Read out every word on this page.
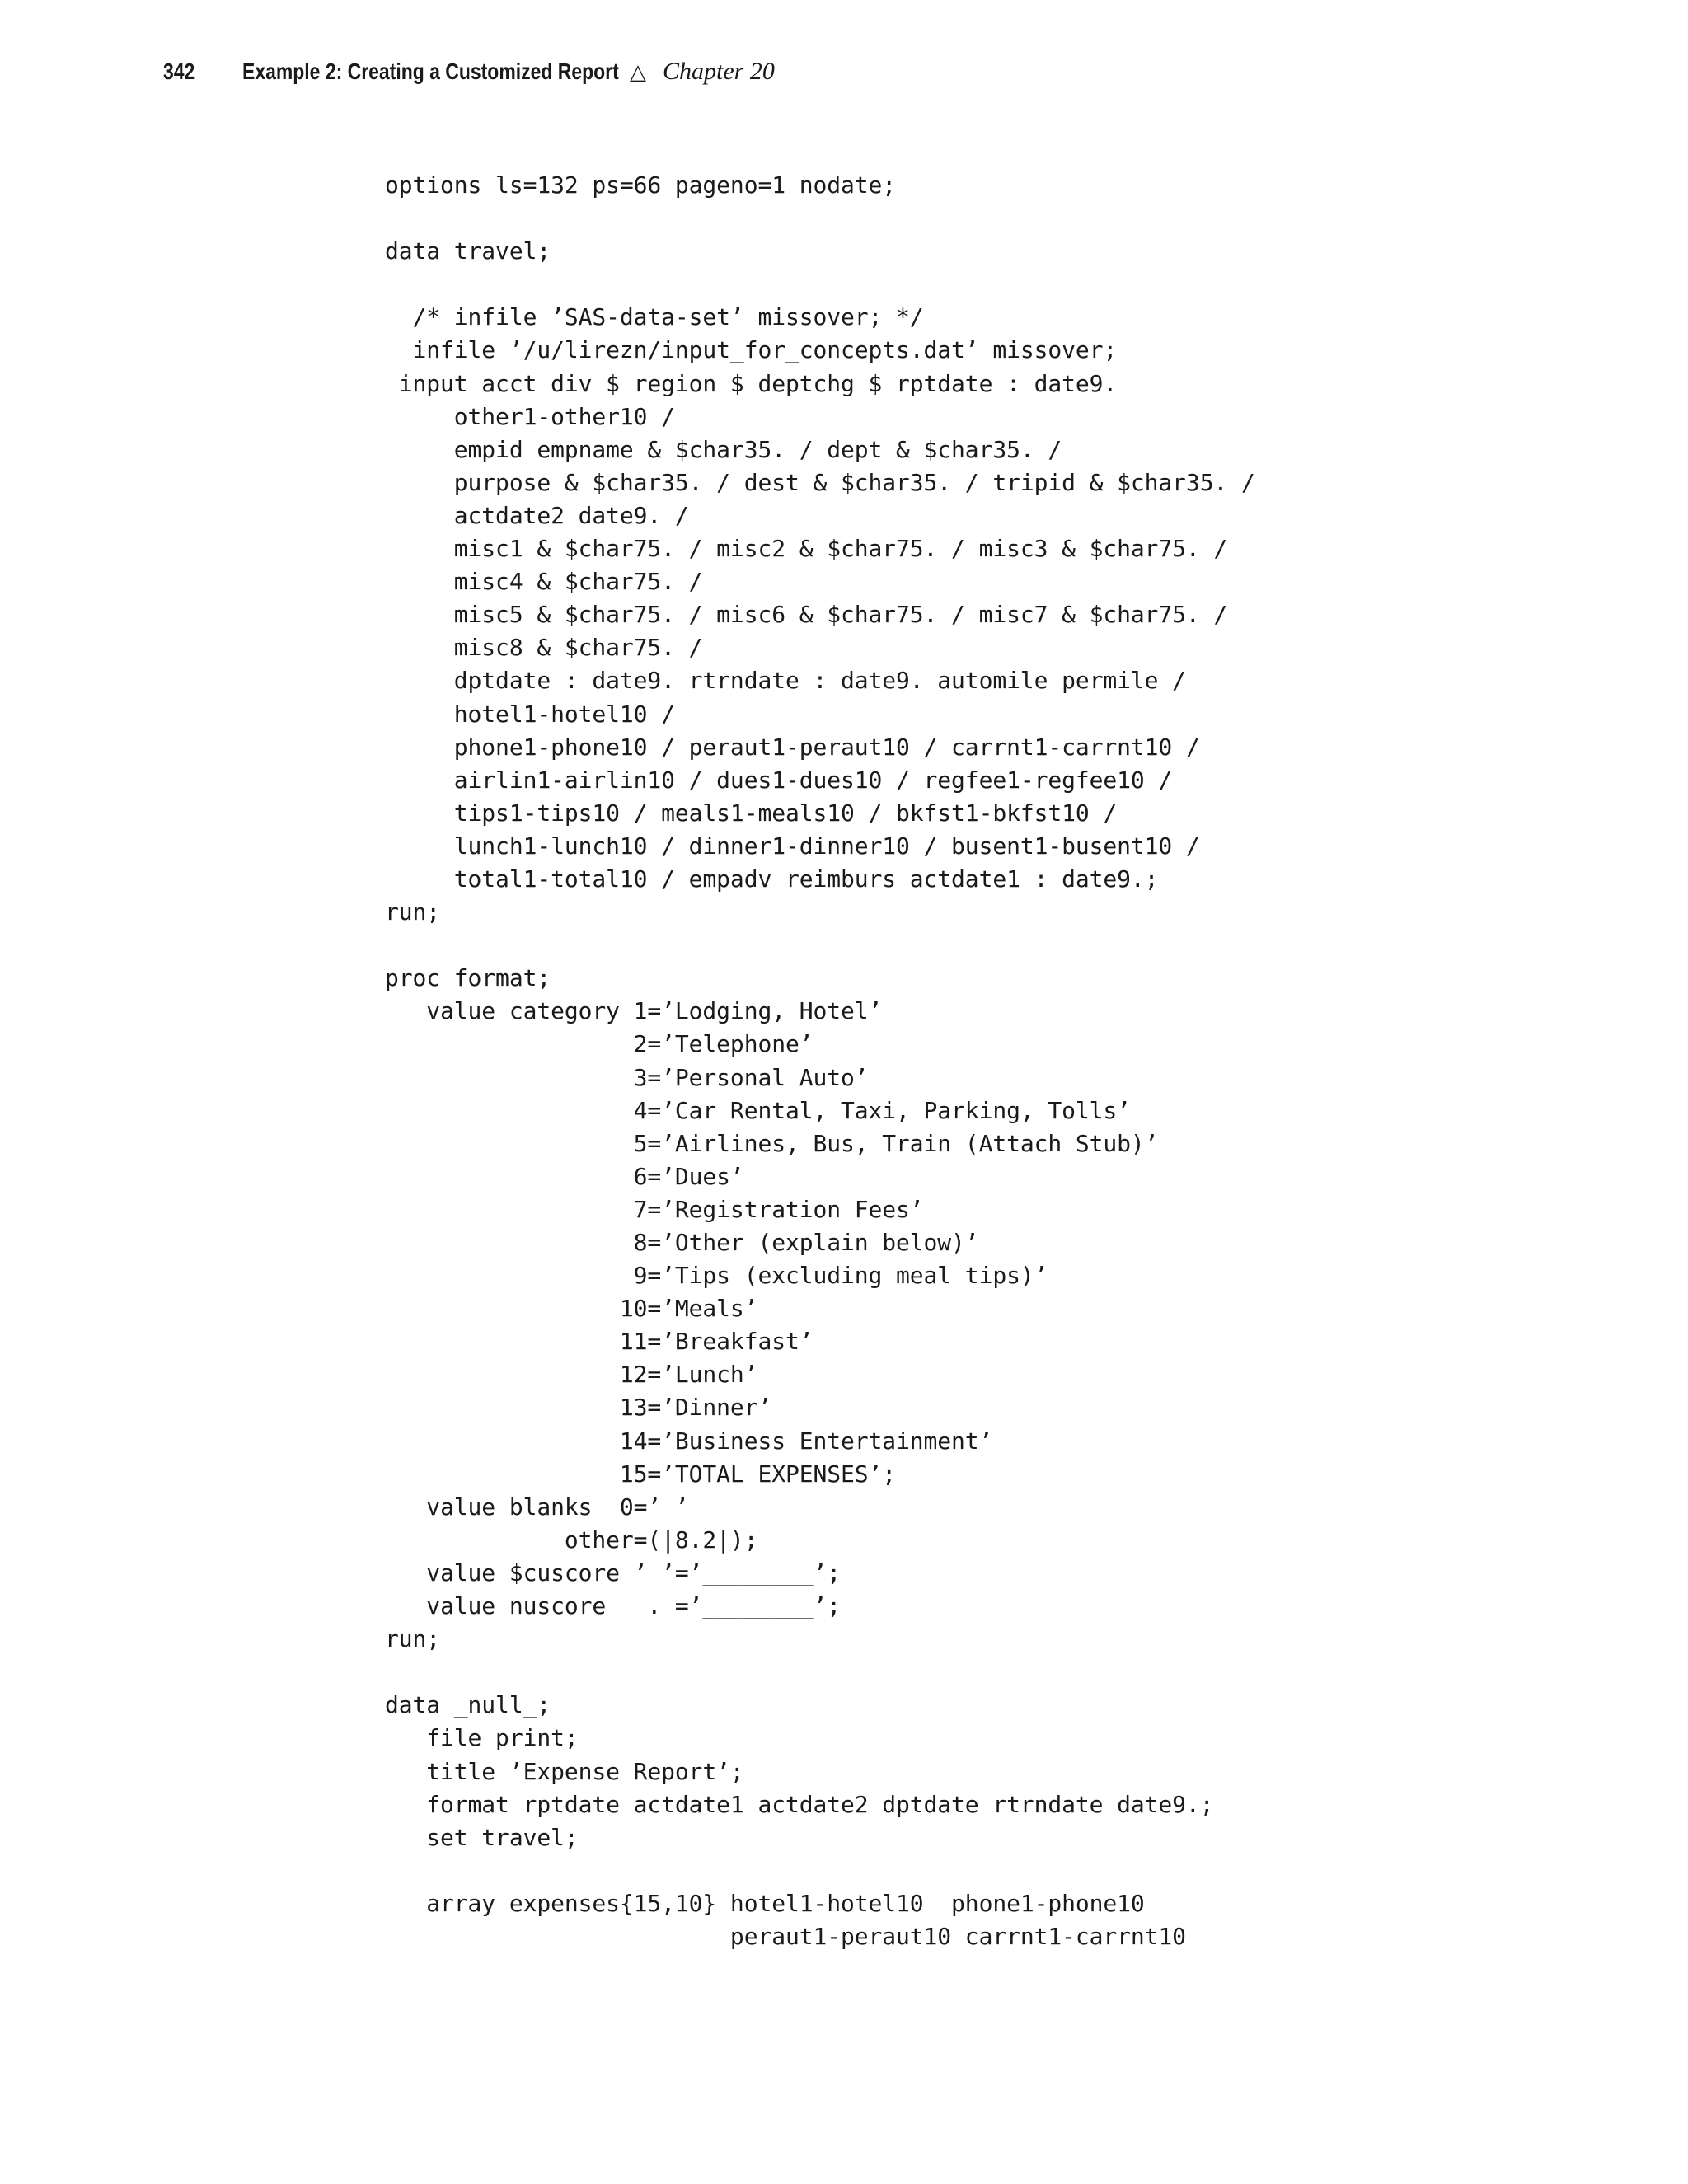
342	Example 2: Creating a Customized Report △ Chapter 20
options ls=132 ps=66 pageno=1 nodate;

data travel;

/* infile ’SAS-data-set’ missover; */
infile ’/u/lirezn/input_for_concepts.dat’ missover;
input acct div $ region $ deptchg $ rptdate : date9.
other1-other10 /
empid empname & $char35. / dept & $char35. /
purpose & $char35. / dest & $char35. / tripid & $char35. /
actdate2 date9. /
misc1 & $char75. / misc2 & $char75. / misc3 & $char75. /
misc4 & $char75. /
misc5 & $char75. / misc6 & $char75. / misc7 & $char75. /
misc8 & $char75. /
dptdate : date9. rtrndate : date9. automile permile /
hotel1-hotel10 /
phone1-phone10 / peraut1-peraut10 / carrnt1-carrnt10 /
airlin1-airlin10 / dues1-dues10 / regfee1-regfee10 /
tips1-tips10 / meals1-meals10 / bkfst1-bkfst10 /
lunch1-lunch10 / dinner1-dinner10 / busent1-busent10 /
total1-total10 / empadv reimburs actdate1 : date9.;
run;

proc format;
value category 1=’Lodging, Hotel’
2=’Telephone’
3=’Personal Auto’
4=’Car Rental, Taxi, Parking, Tolls’
5=’Airlines, Bus, Train (Attach Stub)’
6=’Dues’
7=’Registration Fees’
8=’Other (explain below)’
9=’Tips (excluding meal tips)’
10=’Meals’
11=’Breakfast’
12=’Lunch’
13=’Dinner’
14=’Business Entertainment’
15=’TOTAL EXPENSES’;
value blanks  0=’ ’
other=(|8.2|);
value $cuscore ’ ’=’________’;
value nuscore   . =’________’;
run;

data _null_;
file print;
title ’Expense Report’;
format rptdate actdate1 actdate2 dptdate rtrndate date9.;
set travel;

array expenses{15,10} hotel1-hotel10  phone1-phone10
peraut1-peraut10 carrnt1-carrnt10
